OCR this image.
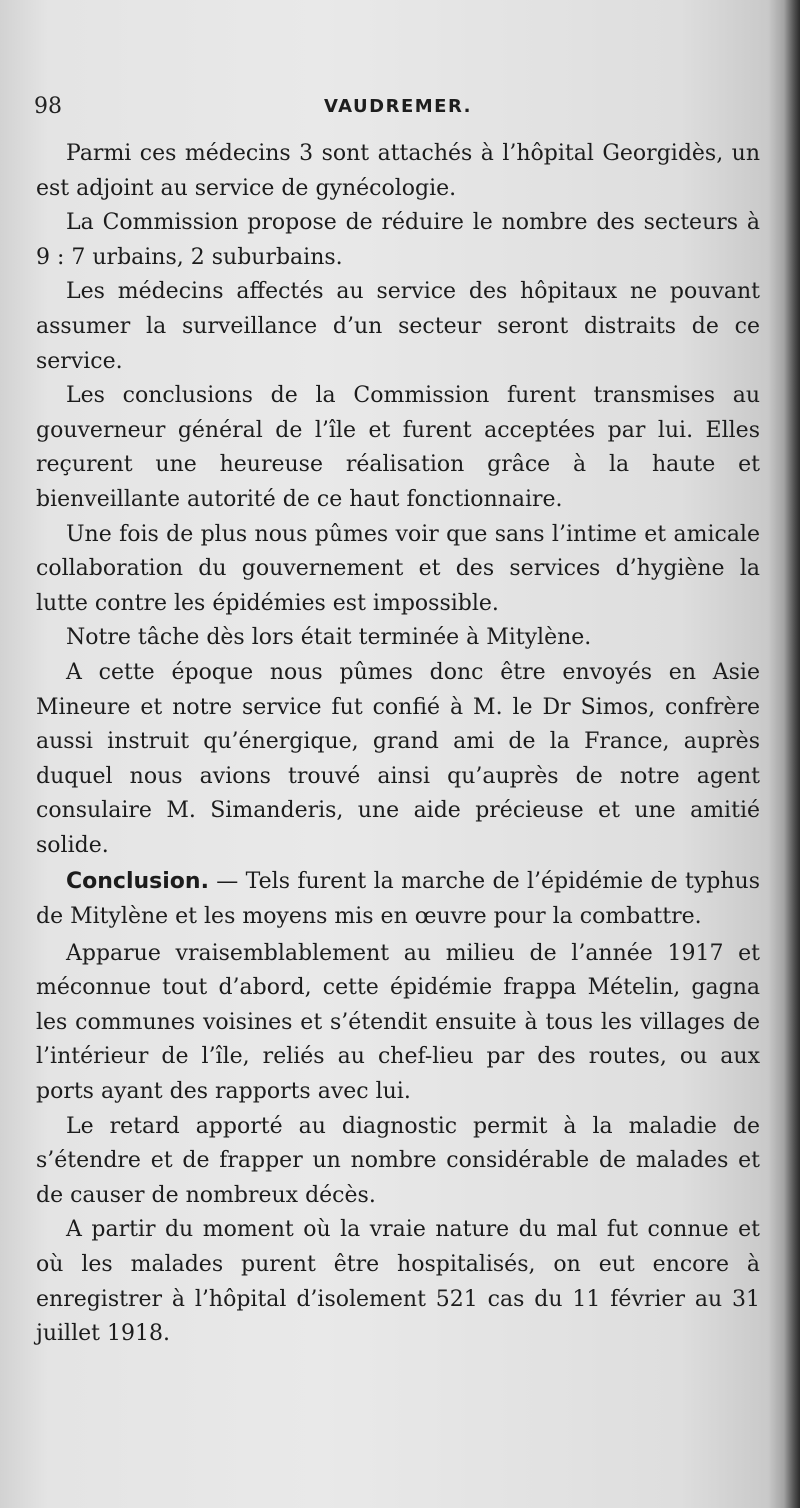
98	VAUDREMER.

Parmi ces médecins 3 sont attachés à l’hôpital Georgidès, un est adjoint au service de gynécologie.

La Commission propose de réduire le nombre des secteurs à 9 : 7 urbains, 2 suburbains.

Les médecins affectés au service des hôpitaux ne pouvant assumer la surveillance d’un secteur seront distraits de ce service.

Les conclusions de la Commission furent transmises au gouverneur général de l’île et furent acceptées par lui. Elles reçurent une heureuse réalisation grâce à la haute et bienveillante autorité de ce haut fonctionnaire.

Une fois de plus nous pûmes voir que sans l’intime et amicale collaboration du gouvernement et des services d’hygiène la lutte contre les épidémies est impossible.

Notre tâche dès lors était terminée à Mitylène.

A cette époque nous pûmes donc être envoyés en Asie Mineure et notre service fut confié à M. le Dr Simos, confrère aussi instruit qu’énergique, grand ami de la France, auprès duquel nous avions trouvé ainsi qu’auprès de notre agent consulaire M. Simanderis, une aide précieuse et une amitié solide.

Conclusion. — Tels furent la marche de l’épidémie de typhus de Mitylène et les moyens mis en œuvre pour la combattre.

Apparue vraisemblablement au milieu de l’année 1917 et méconnue tout d’abord, cette épidémie frappa Mételin, gagna les communes voisines et s’étendit ensuite à tous les villages de l’intérieur de l’île, reliés au chef-lieu par des routes, ou aux ports ayant des rapports avec lui.

Le retard apporté au diagnostic permit à la maladie de s’étendre et de frapper un nombre considérable de malades et de causer de nombreux décès.

A partir du moment où la vraie nature du mal fut connue et où les malades purent être hospitalisés, on eut encore à enregistrer à l’hôpital d’isolement 521 cas du 11 février au 31 juillet 1918.
